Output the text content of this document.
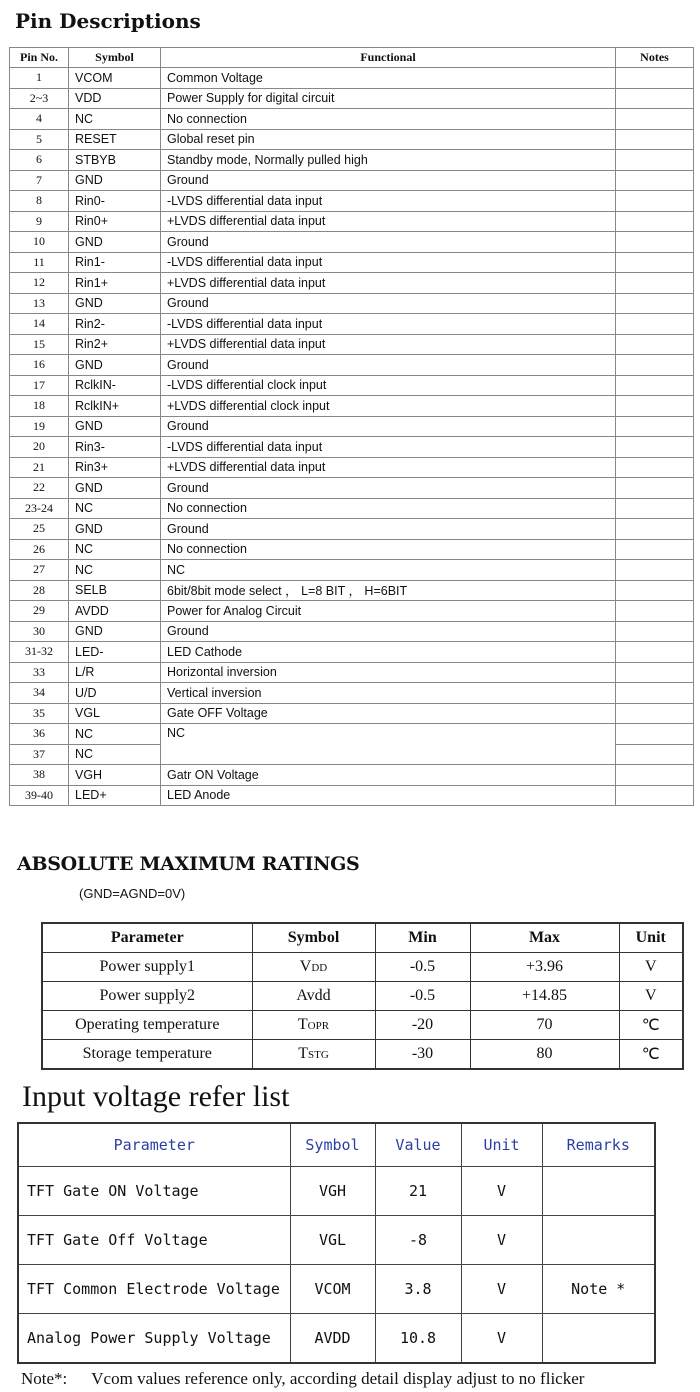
Pin Descriptions
Pin No.	Symbol	Functional	Notes
1	VCOM	Common Voltage	
2~3	VDD	Power Supply for digital circuit	
4	NC	No connection	
5	RESET	Global reset pin	
6	STBYB	Standby mode, Normally pulled high	
7	GND	Ground	
8	Rin0-	-LVDS differential data input	
9	Rin0+	+LVDS differential data input	
10	GND	Ground	
11	Rin1-	-LVDS differential data input	
12	Rin1+	+LVDS differential data input	
13	GND	Ground	
14	Rin2-	-LVDS differential data input	
15	Rin2+	+LVDS differential data input	
16	GND	Ground	
17	RclkIN-	-LVDS differential clock input	
18	RclkIN+	+LVDS differential clock input	
19	GND	Ground	
20	Rin3-	-LVDS differential data input	
21	Rin3+	+LVDS differential data input	
22	GND	Ground	
23-24	NC	No connection	
25	GND	Ground	
26	NC	No connection	
27	NC	NC	
28	SELB	6bit/8bit mode select ， L=8 BIT ， H=6BIT	
29	AVDD	Power for Analog Circuit	
30	GND	Ground	
31-32	LED-	LED Cathode	
33	L/R	Horizontal inversion	
34	U/D	Vertical inversion	
35	VGL	Gate OFF Voltage	
36	NC	NC	
37	NC		
38	VGH	Gatr ON Voltage	
39-40	LED+	LED Anode	
ABSOLUTE MAXIMUM RATINGS
(GND=AGND=0V)
Parameter	Symbol	Min	Max	Unit
Power supply1	Vdd	-0.5	+3.96	V
Power supply2	Avdd	-0.5	+14.85	V
Operating temperature	Topr	-20	70	℃
Storage temperature	Tstg	-30	80	℃
Input voltage refer list
Parameter	Symbol	Value	Unit	Remarks
TFT Gate ON Voltage	VGH	21	V	
TFT Gate Off Voltage	VGL	-8	V	
TFT Common Electrode Voltage	VCOM	3.8	V	Note *
Analog Power Supply Voltage	AVDD	10.8	V	
Note*: Vcom values reference only, according detail display adjust to no flicker
